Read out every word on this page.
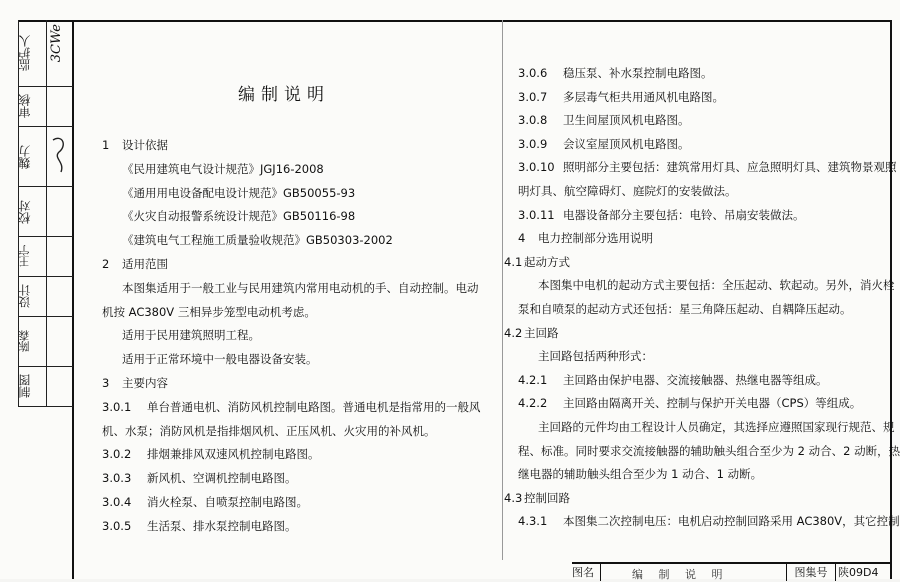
监护人	3CWe
审核
魏力
校对
王宁
设计
陈森
制图
编制说明
1 设计依据
《民用建筑电气设计规范》JGJ16-2008
《通用用电设备配电设计规范》GB50055-93
《火灾自动报警系统设计规范》GB50116-98
《建筑电气工程施工质量验收规范》GB50303-2002
2 适用范围
本图集适用于一般工业与民用建筑内常用电动机的手、自动控制。电动
机按 AC380V 三相异步笼型电动机考虑。
适用于民用建筑照明工程。
适用于正常环境中一般电器设备安装。
3 主要内容
3.0.1 单台普通电机、消防风机控制电路图。普通电机是指常用的一般风
机、水泵；消防风机是指排烟风机、正压风机、火灾用的补风机。
3.0.2 排烟兼排风双速风机控制电路图。
3.0.3 新风机、空调机控制电路图。
3.0.4 消火栓泵、自喷泵控制电路图。
3.0.5 生活泵、排水泵控制电路图。
3.0.6 稳压泵、补水泵控制电路图。
3.0.7 多层毒气柜共用通风机电路图。
3.0.8 卫生间屋顶风机电路图。
3.0.9 会议室屋顶风机电路图。
3.0.10 照明部分主要包括：建筑常用灯具、应急照明灯具、建筑物景观照
明灯具、航空障碍灯、庭院灯的安装做法。
3.0.11 电器设备部分主要包括：电铃、吊扇安装做法。
4 电力控制部分选用说明
4.1 起动方式
本图集中电机的起动方式主要包括：全压起动、软起动。另外，消火栓
泵和自喷泵的起动方式还包括：星三角降压起动、自耦降压起动。
4.2 主回路
主回路包括两种形式：
4.2.1 主回路由保护电器、交流接触器、热继电器等组成。
4.2.2 主回路由隔离开关、控制与保护开关电器（CPS）等组成。
主回路的元件均由工程设计人员确定，其选择应遵照国家现行规范、规
程、标准。同时要求交流接触器的辅助触头组合至少为 2 动合、2 动断，热
继电器的辅助触头组合至少为 1 动合、1 动断。
4.3 控制回路
4.3.1 本图集二次控制电压：电机启动控制回路采用 AC380V，其它控制
图名	编 制 说 明	图集号 陕09D4
